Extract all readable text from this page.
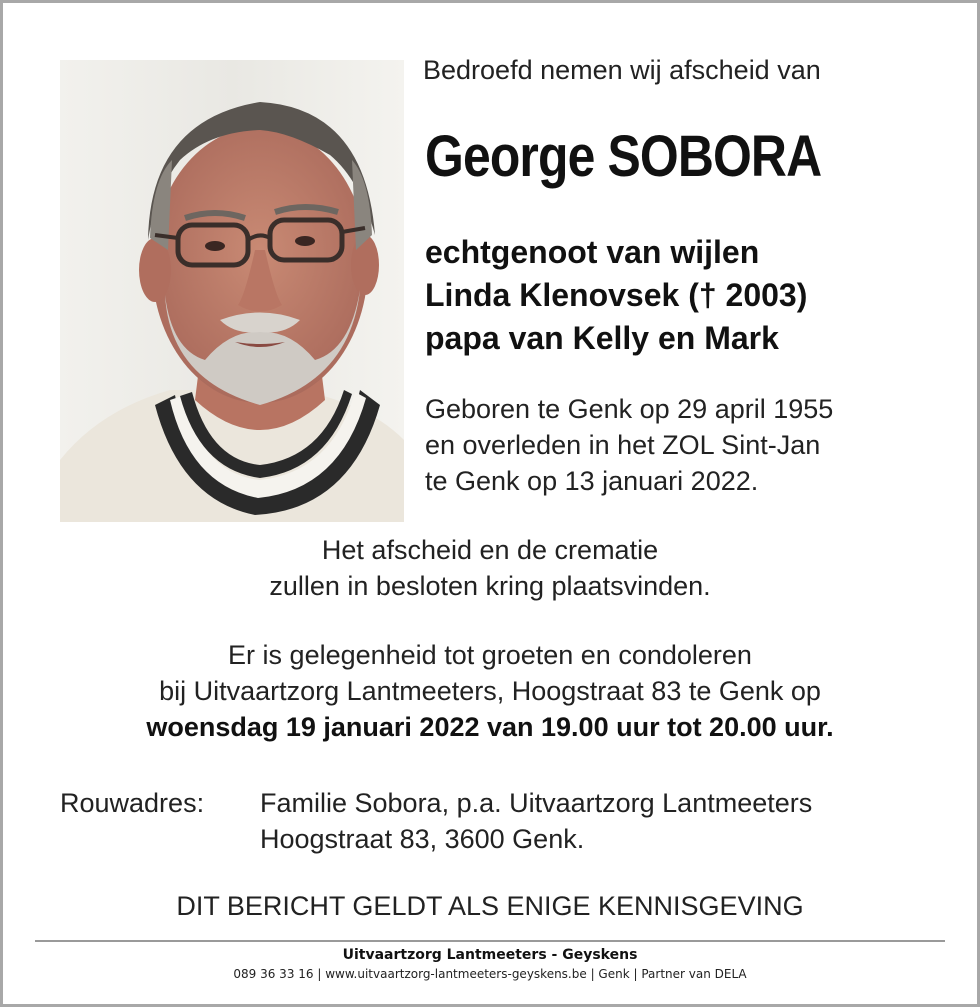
Bedroefd nemen wij afscheid van
George SOBORA
echtgenoot van wijlen
Linda Klenovsek († 2003)
papa van Kelly en Mark
Geboren te Genk op 29 april 1955
en overleden in het ZOL Sint-Jan
te Genk op 13 januari 2022.
Het afscheid en de crematie
zullen in besloten kring plaatsvinden.
Er is gelegenheid tot groeten en condoleren
bij Uitvaartzorg Lantmeeters, Hoogstraat 83 te Genk op
woensdag 19 januari 2022 van 19.00 uur tot 20.00 uur.
Rouwadres: Familie Sobora, p.a. Uitvaartzorg Lantmeeters
Hoogstraat 83, 3600 Genk.
DIT BERICHT GELDT ALS ENIGE KENNISGEVING
Uitvaartzorg Lantmeeters - Geyskens
089 36 33 16 | www.uitvaartzorg-lantmeeters-geyskens.be | Genk | Partner van DELA
